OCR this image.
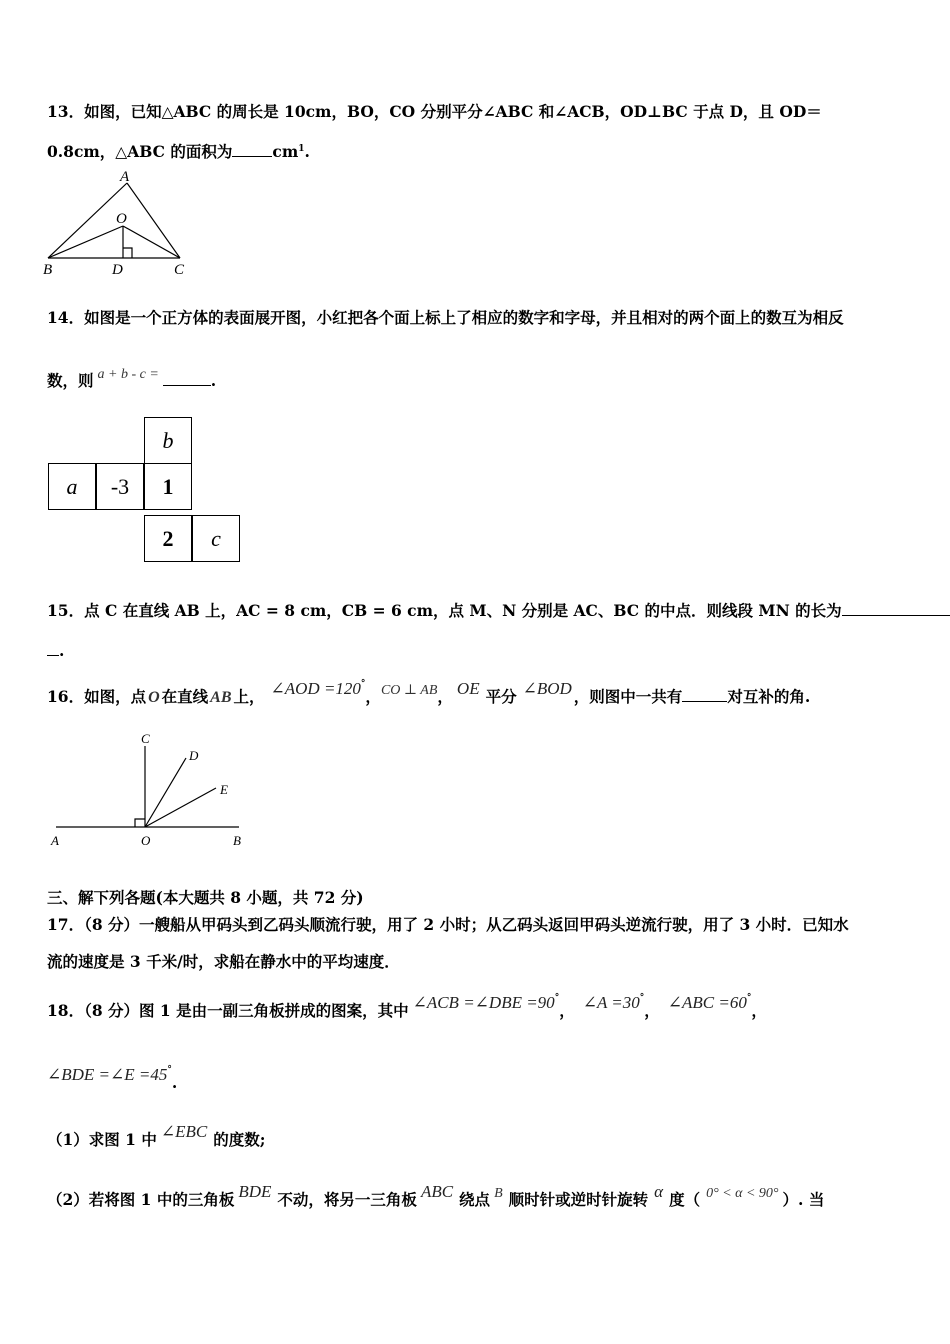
13．如图，已知△ABC 的周长是 10cm，BO，CO 分别平分∠ABC 和∠ACB，OD⊥BC 于点 D，且 OD＝
0.8cm，△ABC 的面积为	$cm^1$.
A
O
B	D	C
14．如图是一个正方体的表面展开图，小红把各个面上标上了相应的数字和字母，并且相对的两个面上的数互为相反
数，则 a + b - c =	.
b
a	-3	1
2	c
15．点 C 在直线 AB 上，AC = 8 cm，CB = 6 cm，点 M、N 分别是 AC、BC 的中点．则线段 MN 的长为
.
16．如图，点 O 在直线 AB 上， ∠AOD =120°，CO ⊥ AB， OE 平分 ∠BOD ，则图中一共有	对互补的角.
C
D
E
A	O	B
三、解下列各题(本大题共 8 小题，共 72 分)
17．（8 分）一艘船从甲码头到乙码头顺流行驶，用了 2 小时；从乙码头返回甲码头逆流行驶，用了 3 小时．已知水
流的速度是 3 千米/时，求船在静水中的平均速度．
18．（8 分）图 1 是由一副三角板拼成的图案，其中 ∠ACB =∠DBE =90°， ∠A =30°， ∠ABC =60°，
∠BDE =∠E =45°.
（1）求图 1 中 ∠EBC 的度数;
（2）若将图 1 中的三角板 BDE 不动，将另一三角板 ABC 绕点 B 顺时针或逆时针旋转 α 度（ 0° < α < 90° ）. 当
